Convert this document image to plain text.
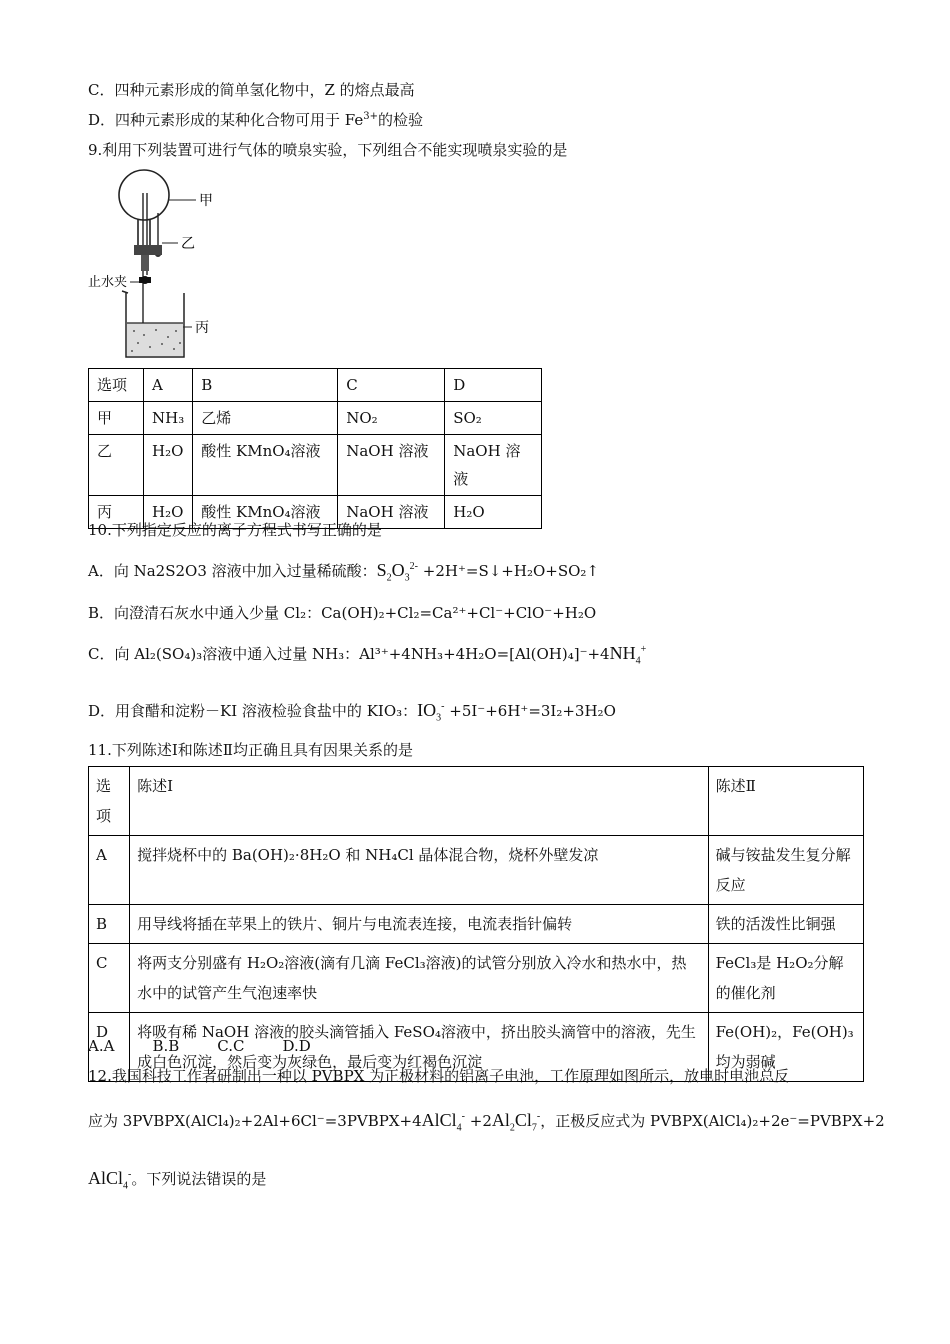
C．四种元素形成的简单氢化物中，Z 的熔点最高
D．四种元素形成的某种化合物可用于 $Fe^{3+}$的检验
9.利用下列装置可进行气体的喷泉实验，下列组合不能实现喷泉实验的是
甲
乙
止水夹
丙
选项	A	B	C	D
甲	NH₃	乙烯	NO₂	SO₂
乙	H₂O	酸性 KMnO₄溶液	NaOH 溶液	NaOH 溶液
丙	H₂O	酸性 KMnO₄溶液	NaOH 溶液	H₂O
10.下列指定反应的离子方程式书写正确的是
A．向 Na2S2O3 溶液中加入过量稀硫酸：$S_2O_3^{2-}$ +2H⁺=S↓+H₂O+SO₂↑
B．向澄清石灰水中通入少量 Cl₂：Ca(OH)₂+Cl₂=Ca²⁺+Cl⁻+ClO⁻+H₂O
C．向 Al₂(SO₄)₃溶液中通入过量 NH₃：$Al^{3+}+4NH_3+4H_2O=[Al(OH)_4]^-+4NH_4^+$
D．用食醋和淀粉－KI 溶液检验食盐中的 KIO₃：$IO_3^- +5I^-+6H^+=3I_2+3H_2O$
11.下列陈述Ⅰ和陈述Ⅱ均正确且具有因果关系的是
选项	陈述Ⅰ	陈述Ⅱ
A	搅拌烧杯中的 Ba(OH)₂·8H₂O 和 NH₄Cl 晶体混合物，烧杯外壁发凉	碱与铵盐发生复分解反应
B	用导线将插在苹果上的铁片、铜片与电流表连接，电流表指针偏转	铁的活泼性比铜强
C	将两支分别盛有 H₂O₂溶液(滴有几滴 FeCl₃溶液)的试管分别放入冷水和热水中，热水中的试管产生气泡速率快	FeCl₃是 H₂O₂分解的催化剂
D	将吸有稀 NaOH 溶液的胶头滴管插入 FeSO₄溶液中，挤出胶头滴管中的溶液，先生成白色沉淀，然后变为灰绿色，最后变为红褐色沉淀	Fe(OH)₂，Fe(OH)₃均为弱碱
A.A	B.B	C.C	D.D
12.我国科技工作者研制出一种以 PVBPX 为正极材料的铝离子电池，工作原理如图所示，放电时电池总反
应为 3PVBPX(AlCl₄)₂+2Al+6Cl⁻=3PVBPX+4AlCl$_4$- $+2Al_2Cl_7^-$，正极反应式为 PVBPX(AlCl₄)₂+2e⁻=PVBPX+2
AlCl$_4$-。下列说法错误的是
